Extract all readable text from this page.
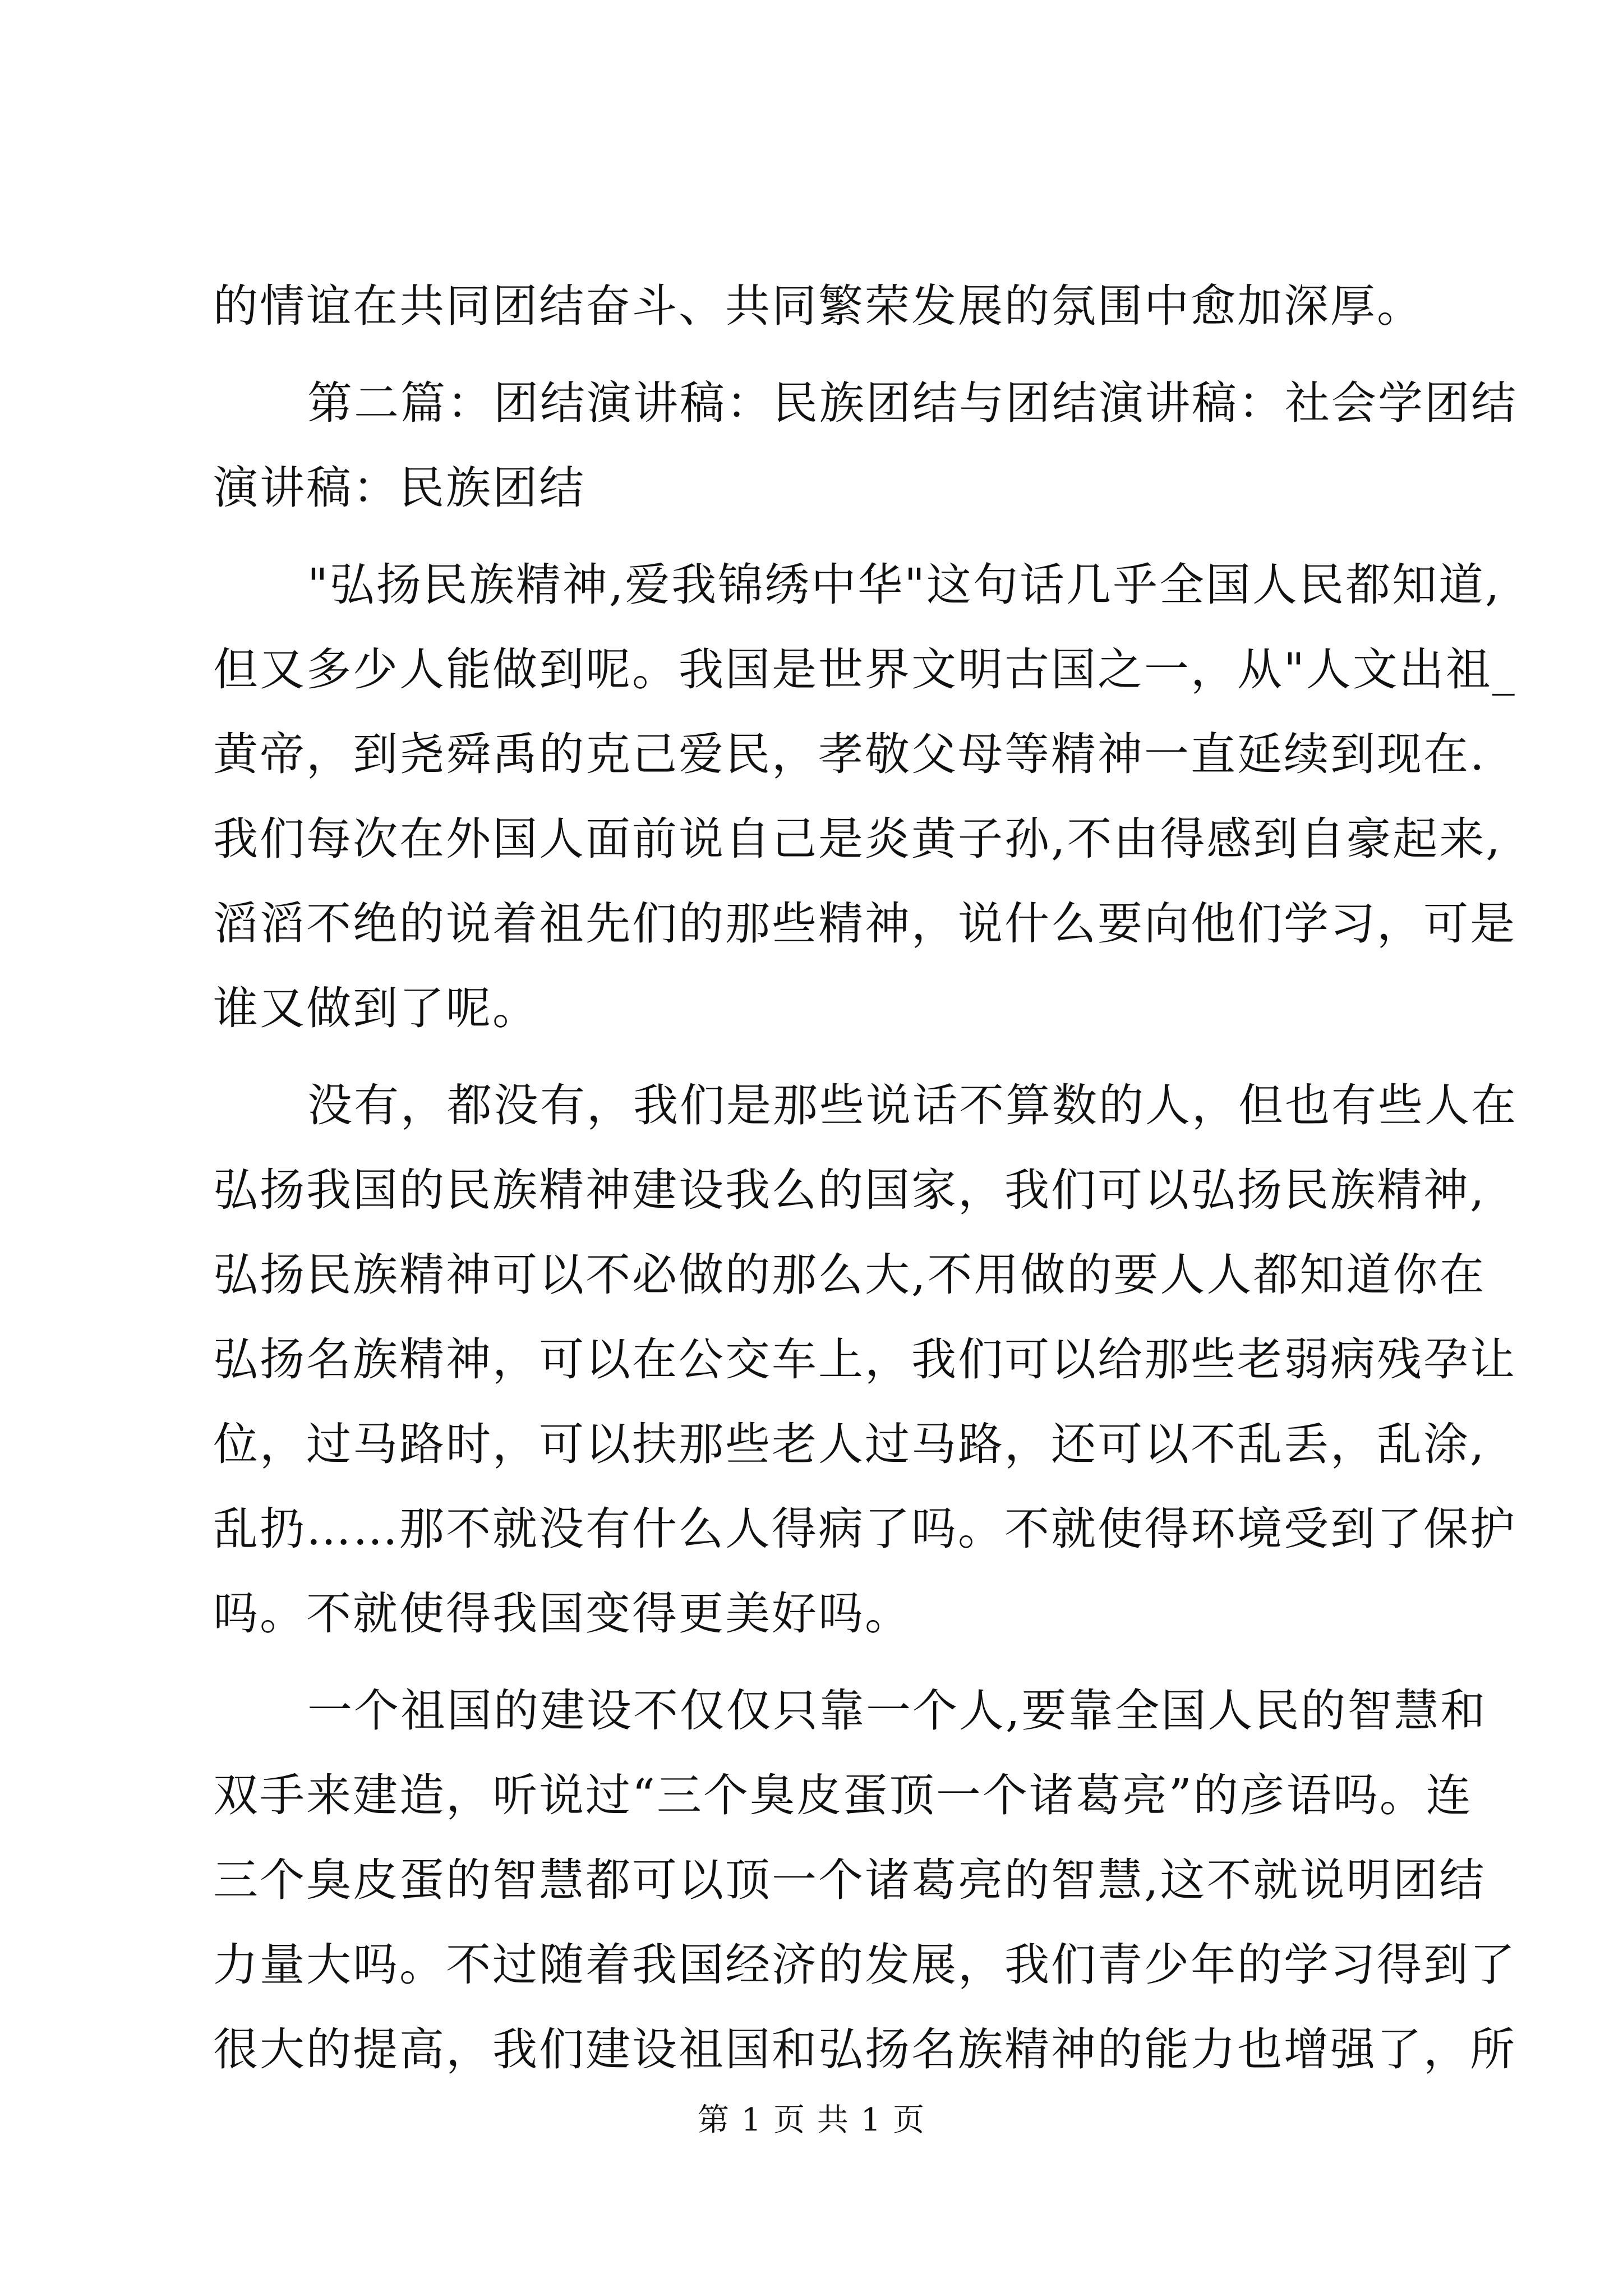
的情谊在共同团结奋斗、共同繁荣发展的氛围中愈加深厚。
第二篇：团结演讲稿：民族团结与团结演讲稿：社会学团结
演讲稿：民族团结
"弘扬民族精神,爱我锦绣中华"这句话几乎全国人民都知道,
但又多少人能做到呢。我国是世界文明古国之一，从"人文出祖_
黄帝，到尧舜禹的克己爱民，孝敬父母等精神一直延续到现在.
我们每次在外国人面前说自己是炎黄子孙,不由得感到自豪起来,
滔滔不绝的说着祖先们的那些精神，说什么要向他们学习，可是
谁又做到了呢。
没有，都没有，我们是那些说话不算数的人，但也有些人在
弘扬我国的民族精神建设我么的国家，我们可以弘扬民族精神,
弘扬民族精神可以不必做的那么大,不用做的要人人都知道你在
弘扬名族精神，可以在公交车上，我们可以给那些老弱病残孕让
位，过马路时，可以扶那些老人过马路，还可以不乱丢，乱涂,
乱扔……那不就没有什么人得病了吗。不就使得环境受到了保护
吗。不就使得我国变得更美好吗。
一个祖国的建设不仅仅只靠一个人,要靠全国人民的智慧和
双手来建造，听说过“三个臭皮蛋顶一个诸葛亮”的彦语吗。连
三个臭皮蛋的智慧都可以顶一个诸葛亮的智慧,这不就说明团结
力量大吗。不过随着我国经济的发展，我们青少年的学习得到了
很大的提高，我们建设祖国和弘扬名族精神的能力也增强了，所
第 1 页 共 1 页
